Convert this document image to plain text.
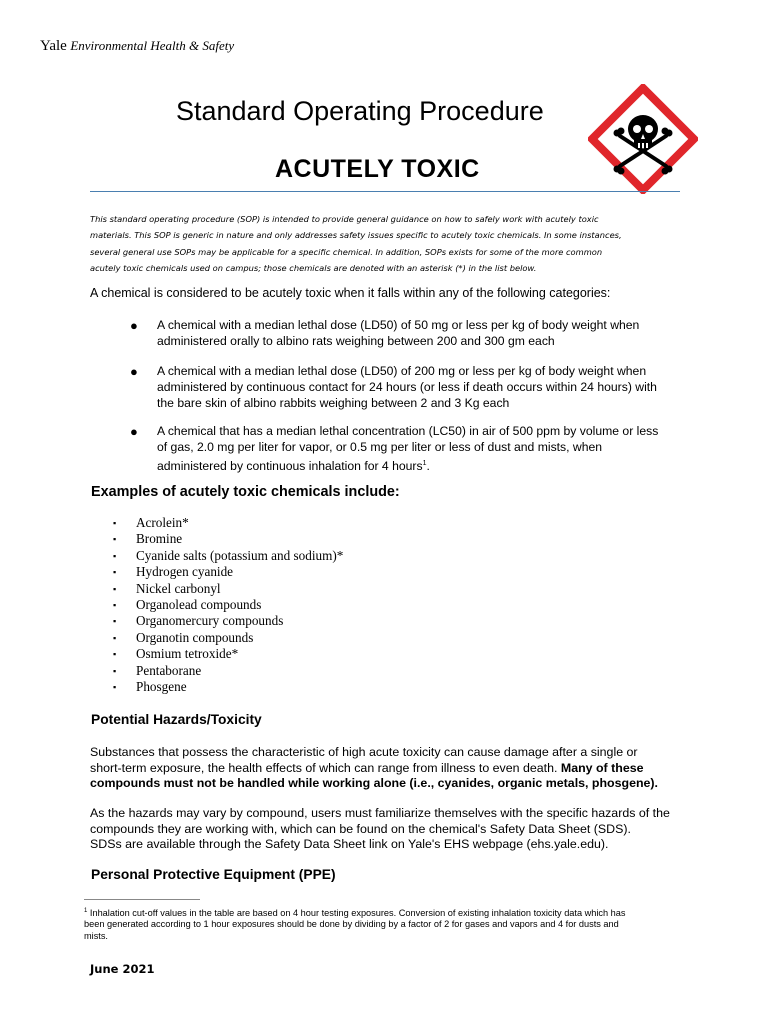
Yale Environmental Health & Safety
Standard Operating Procedure
ACUTELY TOXIC
This standard operating procedure (SOP) is intended to provide general guidance on how to safely work with acutely toxic
materials. This SOP is generic in nature and only addresses safety issues specific to acutely toxic chemicals. In some instances,
several general use SOPs may be applicable for a specific chemical. In addition, SOPs exists for some of the more common
acutely toxic chemicals used on campus; those chemicals are denoted with an asterisk (*) in the list below.
A chemical is considered to be acutely toxic when it falls within any of the following categories:
● A chemical with a median lethal dose (LD50) of 50 mg or less per kg of body weight when
administered orally to albino rats weighing between 200 and 300 gm each
● A chemical with a median lethal dose (LD50) of 200 mg or less per kg of body weight when
administered by continuous contact for 24 hours (or less if death occurs within 24 hours) with
the bare skin of albino rabbits weighing between 2 and 3 Kg each
● A chemical that has a median lethal concentration (LC50) in air of 500 ppm by volume or less
of gas, 2.0 mg per liter for vapor, or 0.5 mg per liter or less of dust and mists, when
administered by continuous inhalation for 4 hours$^1$.
Examples of acutely toxic chemicals include:
▪ Acrolein*
▪ Bromine
▪ Cyanide salts (potassium and sodium)*
▪ Hydrogen cyanide
▪ Nickel carbonyl
▪ Organolead compounds
▪ Organomercury compounds
▪ Organotin compounds
▪ Osmium tetroxide*
▪ Pentaborane
▪ Phosgene
Potential Hazards/Toxicity
Substances that possess the characteristic of high acute toxicity can cause damage after a single or
short-term exposure, the health effects of which can range from illness to even death. Many of these
compounds must not be handled while working alone (i.e., cyanides, organic metals, phosgene).
As the hazards may vary by compound, users must familiarize themselves with the specific hazards of the
compounds they are working with, which can be found on the chemical's Safety Data Sheet (SDS).
SDSs are available through the Safety Data Sheet link on Yale's EHS webpage (ehs.yale.edu).
Personal Protective Equipment (PPE)
$^1$ Inhalation cut-off values in the table are based on 4 hour testing exposures. Conversion of existing inhalation toxicity data which has
been generated according to 1 hour exposures should be done by dividing by a factor of 2 for gases and vapors and 4 for dusts and
mists.
June 2021
